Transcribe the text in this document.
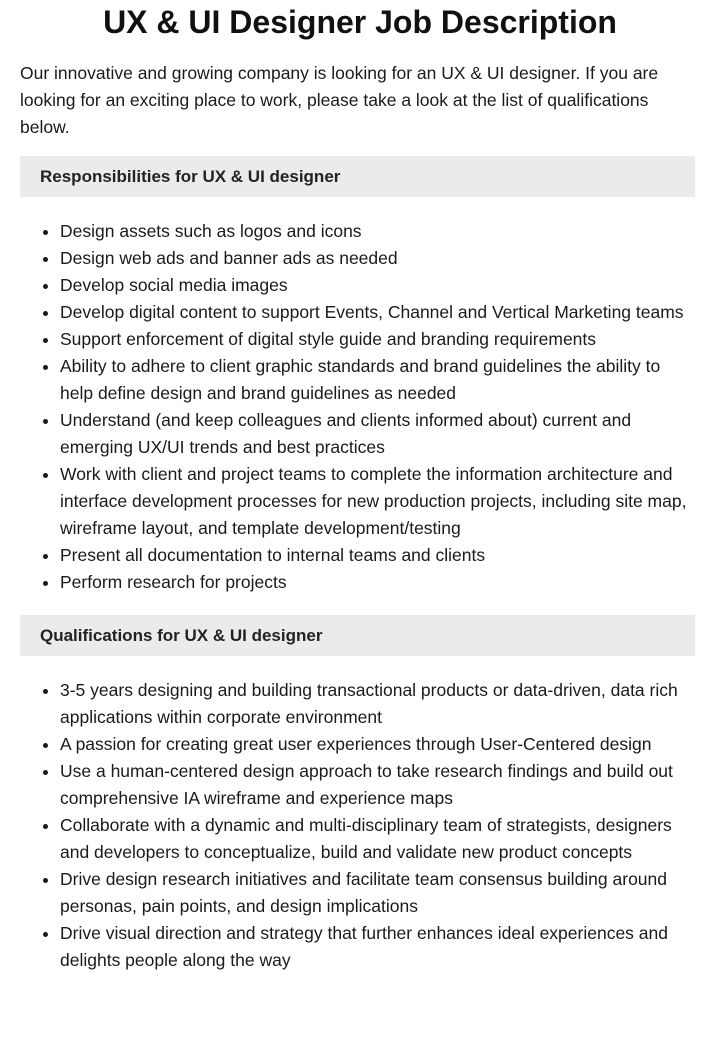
UX & UI Designer Job Description

Our innovative and growing company is looking for an UX & UI designer. If you are looking for an exciting place to work, please take a look at the list of qualifications below.

Responsibilities for UX & UI designer
• Design assets such as logos and icons
• Design web ads and banner ads as needed
• Develop social media images
• Develop digital content to support Events, Channel and Vertical Marketing teams
• Support enforcement of digital style guide and branding requirements
• Ability to adhere to client graphic standards and brand guidelines the ability to help define design and brand guidelines as needed
• Understand (and keep colleagues and clients informed about) current and emerging UX/UI trends and best practices
• Work with client and project teams to complete the information architecture and interface development processes for new production projects, including site map, wireframe layout, and template development/testing
• Present all documentation to internal teams and clients
• Perform research for projects
Qualifications for UX & UI designer
• 3-5 years designing and building transactional products or data-driven, data rich applications within corporate environment
• A passion for creating great user experiences through User-Centered design
• Use a human-centered design approach to take research findings and build out comprehensive IA wireframe and experience maps
• Collaborate with a dynamic and multi-disciplinary team of strategists, designers and developers to conceptualize, build and validate new product concepts
• Drive design research initiatives and facilitate team consensus building around personas, pain points, and design implications
• Drive visual direction and strategy that further enhances ideal experiences and delights people along the way
